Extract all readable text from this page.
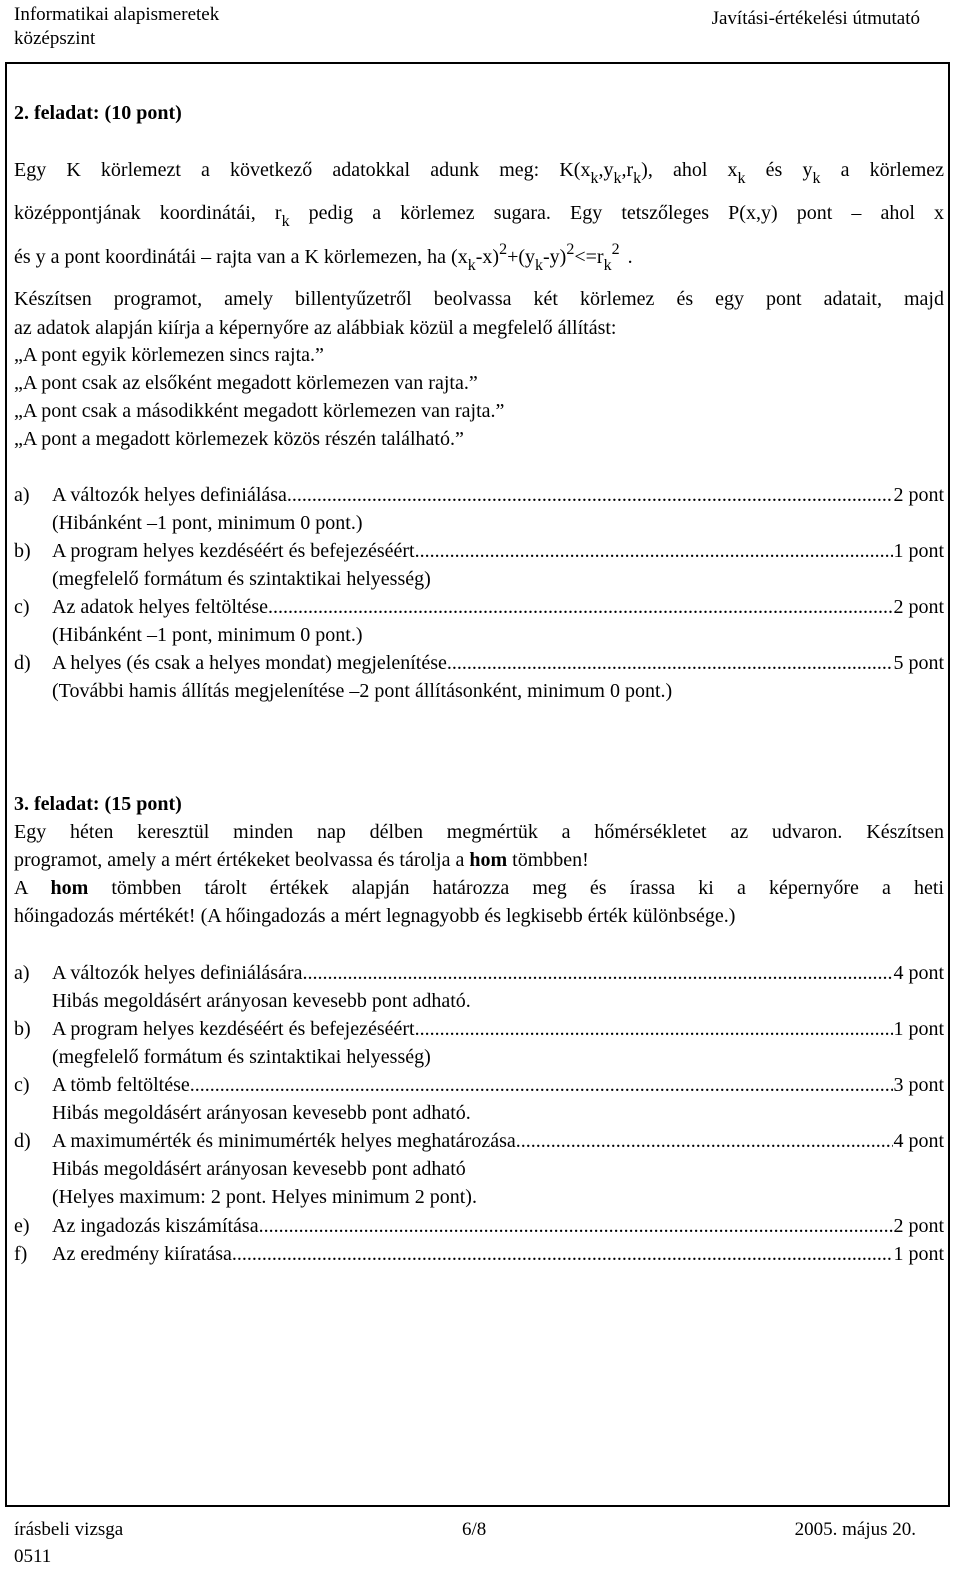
Informatikai alapismeretek
középszint
Javítási-értékelési útmutató
2. feladat: (10 pont)
Egy K körlemezt a következő adatokkal adunk meg: $K(x_k,y_k,r_k)$, ahol $x_k$ és $y_k$ a körlemez
középpontjának koordinátái, $r_k$ pedig a körlemez sugara. Egy tetszőleges P(x,y) pont – ahol x
és y a pont koordinátái – rajta van a K körlemezen, ha $(x_k-x)^2+(y_k-y)^2<=r_k^2$ .
Készítsen programot, amely billentyűzetről beolvassa két körlemez és egy pont adatait, majd
az adatok alapján kiírja a képernyőre az alábbiak közül a megfelelő állítást:
„A pont egyik körlemezen sincs rajta.”
„A pont csak az elsőként megadott körlemezen van rajta.”
„A pont csak a másodikként megadott körlemezen van rajta.”
„A pont a megadott körlemezek közös részén található.”
a)	A változók helyes definiálása .....	2 pont
(Hibánként –1 pont, minimum 0 pont.)
b)	A program helyes kezdéséért és befejezéséért .....	1 pont
(megfelelő formátum és szintaktikai helyesség)
c)	Az adatok helyes feltöltése .....	2 pont
(Hibánként –1 pont, minimum 0 pont.)
d)	A helyes (és csak a helyes mondat) megjelenítése .....	5 pont
(További hamis állítás megjelenítése –2 pont állításonként, minimum 0 pont.)
3. feladat: (15 pont)
Egy héten keresztül minden nap délben megmértük a hőmérsékletet az udvaron. Készítsen
programot, amely a mért értékeket beolvassa és tárolja a hom tömbben!
A hom tömbben tárolt értékek alapján határozza meg és írassa ki a képernyőre a heti
hőingadozás mértékét! (A hőingadozás a mért legnagyobb és legkisebb érték különbsége.)
a)	A változók helyes definiálására .....	4 pont
Hibás megoldásért arányosan kevesebb pont adható.
b)	A program helyes kezdéséért és befejezéséért .....	1 pont
(megfelelő formátum és szintaktikai helyesség)
c)	A tömb feltöltése .....	3 pont
Hibás megoldásért arányosan kevesebb pont adható.
d)	A maximumérték és minimumérték helyes meghatározása .....	4 pont
Hibás megoldásért arányosan kevesebb pont adható
(Helyes maximum: 2 pont. Helyes minimum 2 pont).
e)	Az ingadozás kiszámítása .....	2 pont
f)	Az eredmény kiíratása .....	1 pont
írásbeli vizsga
0511
6/8	2005. május 20.
